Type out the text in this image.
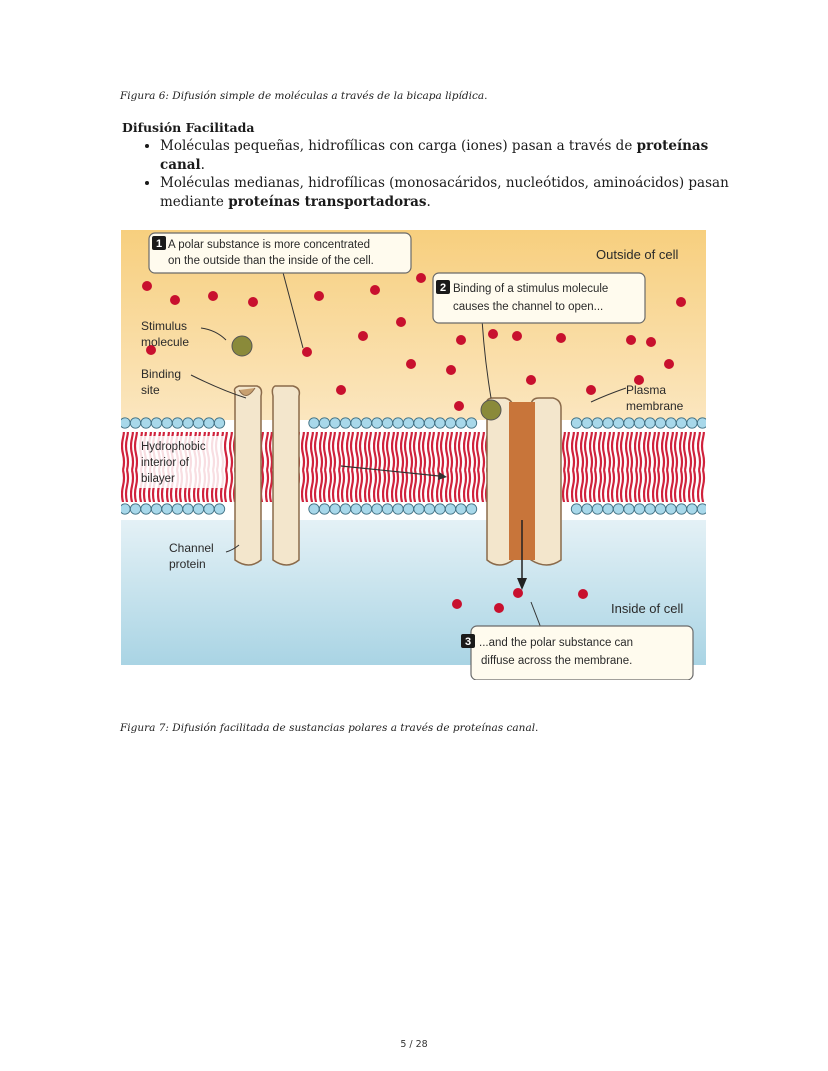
Figura 6: Difusión simple de moléculas a través de la bicapa lipídica.
Difusión Facilitada
• Moléculas pequeñas, hidrofílicas con carga (iones) pasan a través de proteínas canal.
• Moléculas medianas, hidrofílicas (monosacáridos, nucleótidos, aminoácidos) pasan mediante proteínas transportadoras.
Outside of cell
Inside of cell
Stimulus
molecule
Binding
site	Plasma
membrane
Hydrophobic
interior of
bilayer
Channel
protein
1 A polar substance is more concentrated
on the outside than the inside of the cell.
2 Binding of a stimulus molecule
causes the channel to open...
3 ...and the polar substance can
diffuse across the membrane.
Figura 7: Difusión facilitada de sustancias polares a través de proteínas canal.
5 / 28
